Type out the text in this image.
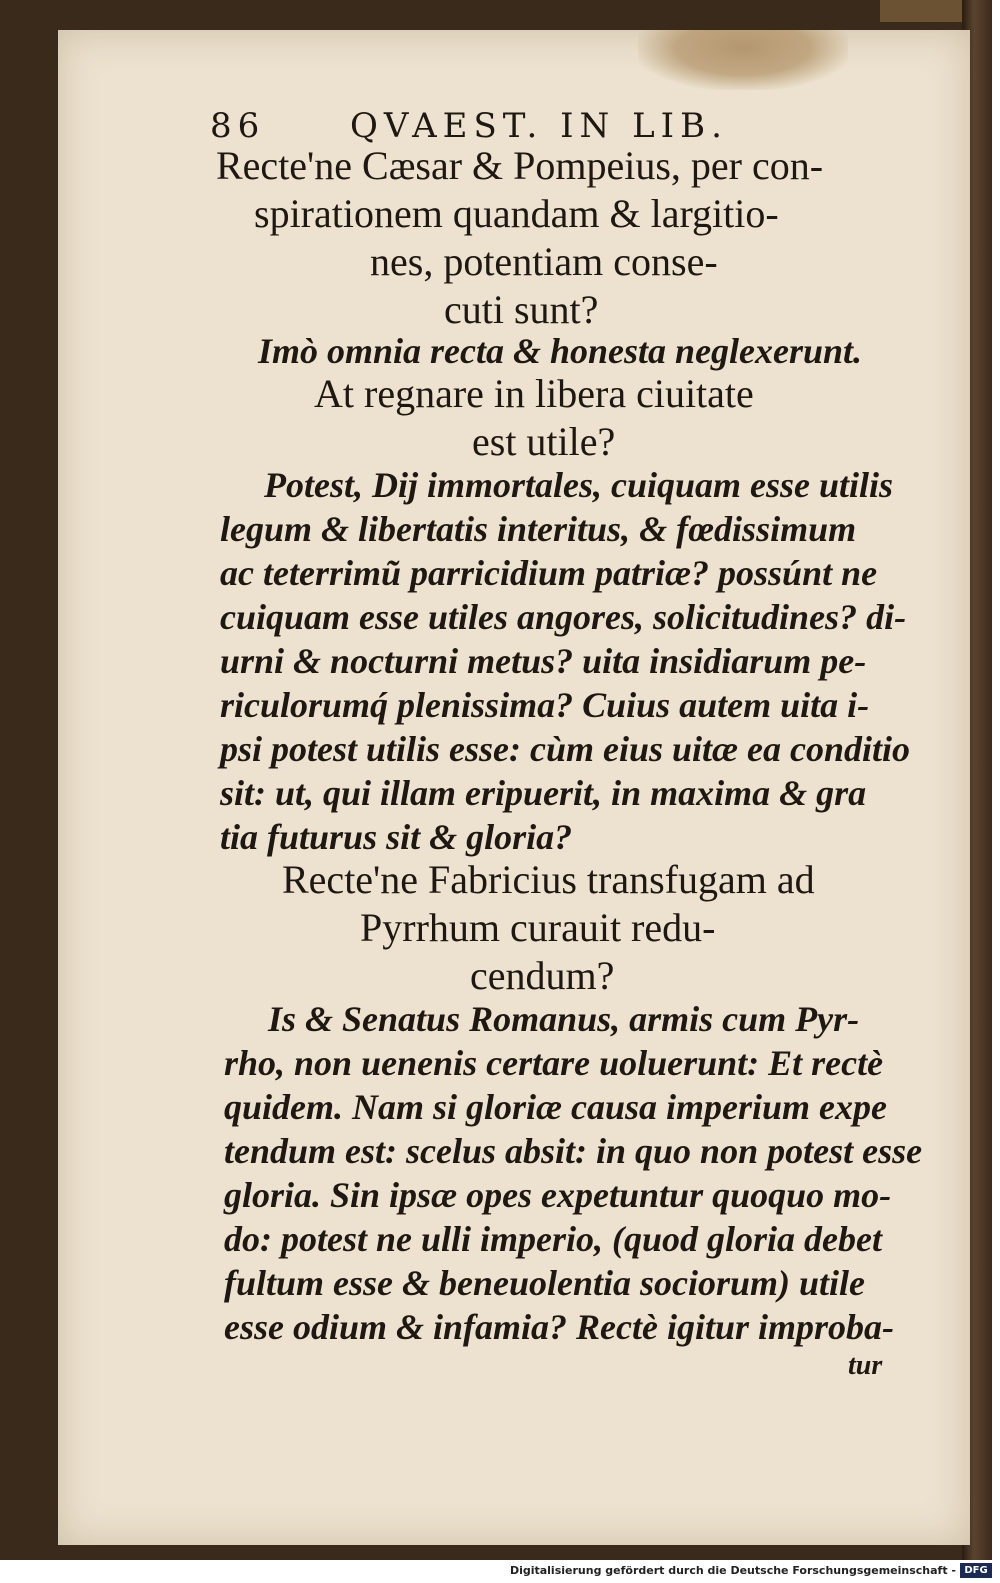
86 QVAEST. IN LIB.
Recte'ne Cæsar & Pompeius, per con-
spirationem quandam & largitio-
nes, potentiam conse-
cuti sunt?
Imò omnia recta & honesta neglexerunt.
At regnare in libera ciuitate
est utile?
Potest, Dij immortales, cuiquam esse utilis
legum & libertatis interitus, & fœdissimum
ac teterrimũ parricidium patriæ? possúnt ne
cuiquam esse utiles angores, solicitudines? di-
urni & nocturni metus? uita insidiarum pe-
riculorumq́ plenissima? Cuius autem uita i-
psi potest utilis esse: cùm eius uitæ ea conditio
sit: ut, qui illam eripuerit, in maxima & gra
tia futurus sit & gloria?
Recte'ne Fabricius transfugam ad
Pyrrhum curauit redu-
cendum?
Is & Senatus Romanus, armis cum Pyr-
rho, non uenenis certare uoluerunt: Et rectè
quidem. Nam si gloriæ causa imperium expe
tendum est: scelus absit: in quo non potest esse
gloria. Sin ipsæ opes expetuntur quoquo mo-
do: potest ne ulli imperio, (quod gloria debet
fultum esse & beneuolentia sociorum) utile
esse odium & infamia? Rectè igitur improba-
tur
Digitalisierung gefördert durch die Deutsche Forschungsgemeinschaft - DFG
